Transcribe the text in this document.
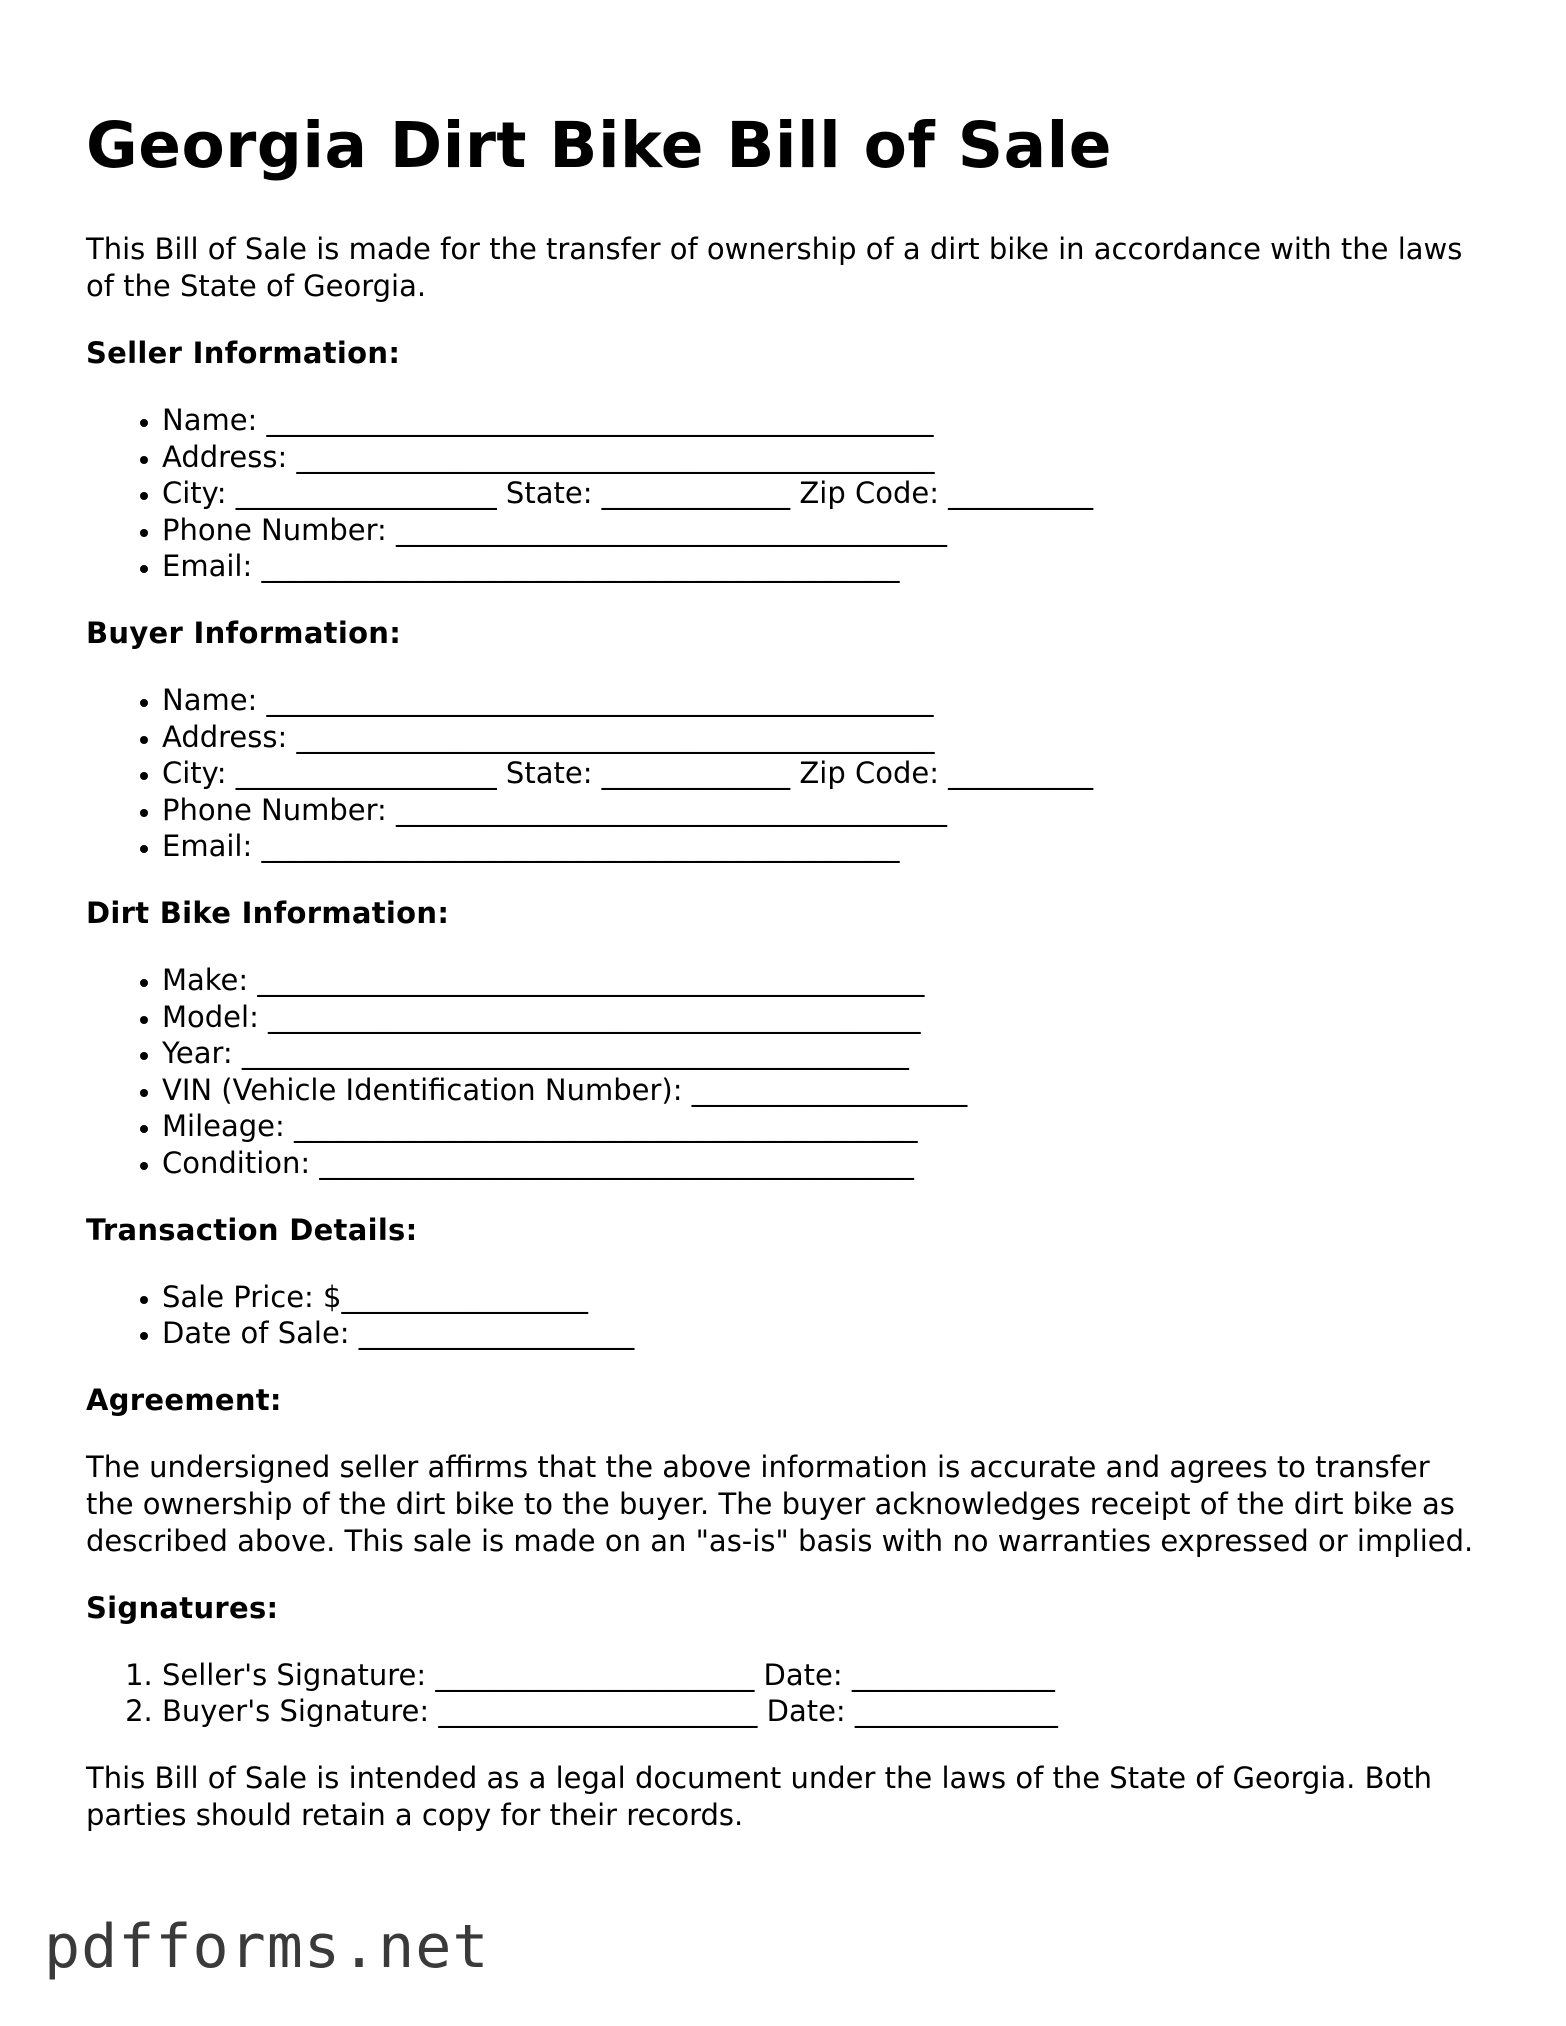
Georgia Dirt Bike Bill of Sale

This Bill of Sale is made for the transfer of ownership of a dirt bike in accordance with the laws of the State of Georgia.

Seller Information:
• Name: ______________________________________________
• Address: ____________________________________________
• City: __________________ State: _____________ Zip Code: __________
• Phone Number: ______________________________________
• Email: ____________________________________________
Buyer Information:
• Name: ______________________________________________
• Address: ____________________________________________
• City: __________________ State: _____________ Zip Code: __________
• Phone Number: ______________________________________
• Email: ____________________________________________
Dirt Bike Information:
• Make: ______________________________________________
• Model: _____________________________________________
• Year: ______________________________________________
• VIN (Vehicle Identification Number): ___________________
• Mileage: ___________________________________________
• Condition: _________________________________________
Transaction Details:
• Sale Price: $_________________
• Date of Sale: ___________________
Agreement:

The undersigned seller affirms that the above information is accurate and agrees to transfer the ownership of the dirt bike to the buyer. The buyer acknowledges receipt of the dirt bike as described above. This sale is made on an "as-is" basis with no warranties expressed or implied.

Signatures:
1. Seller's Signature: ______________________ Date: ______________
2. Buyer's Signature: ______________________ Date: ______________

This Bill of Sale is intended as a legal document under the laws of the State of Georgia. Both parties should retain a copy for their records.

pdfforms.net
